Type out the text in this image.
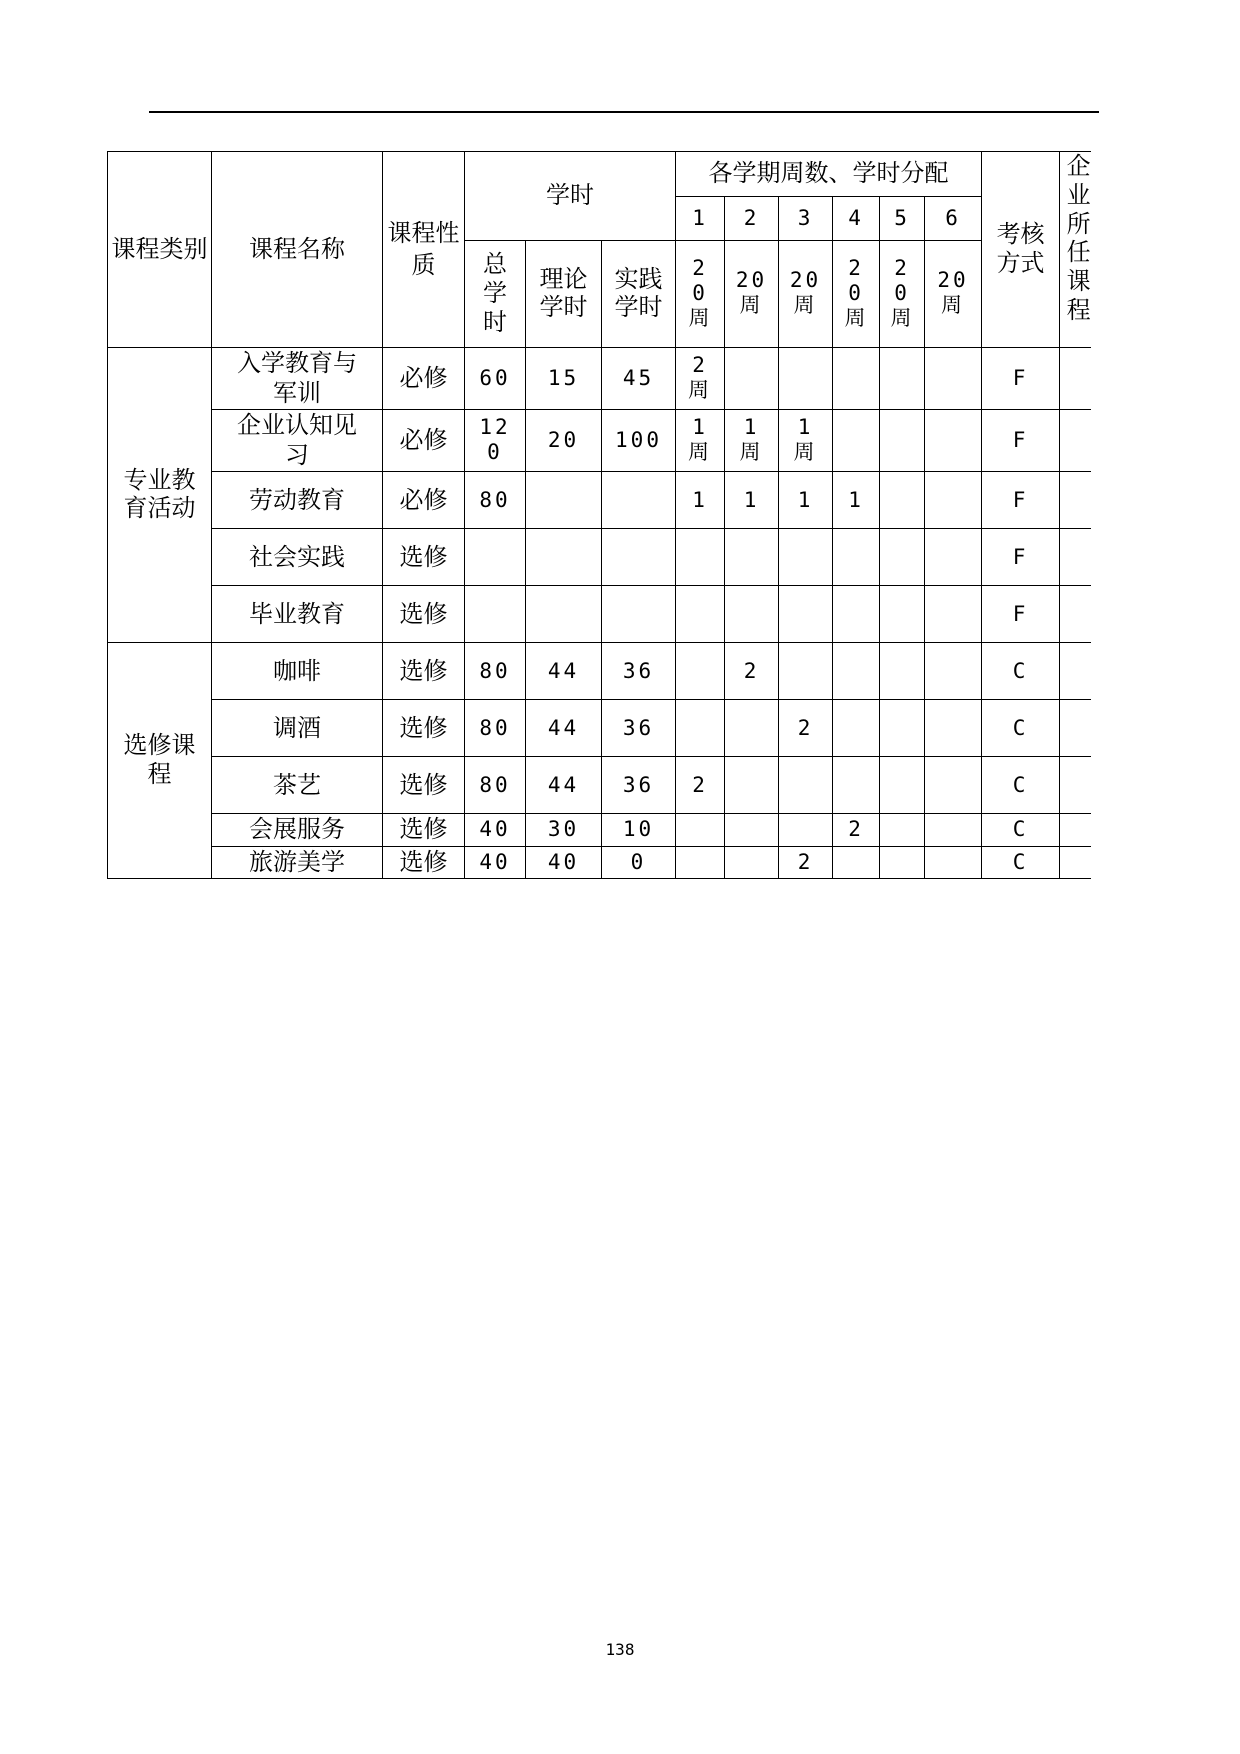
课程类别	课程名称	课程性质	学时			各学期周数、学时分配						考核方式	企业所任课程
						1	2	3	4	5	6		
			总学时	理论学时	实践学时	20周	20周	20周	20周	20周	20周		
专业教育活动	入学教育与军训	必修	60	15	45	2周						F	
	企业认知见习	必修	120	20	100	1周	1周	1周				F	
	劳动教育	必修	80			1	1	1	1			F	
	社会实践	选修										F	
	毕业教育	选修										F	
选修课程	咖啡	选修	80	44	36		2					C	
	调酒	选修	80	44	36			2				C	
	茶艺	选修	80	44	36	2						C	
	会展服务	选修	40	30	10				2			C	
	旅游美学	选修	40	40	0			2				C	
138
